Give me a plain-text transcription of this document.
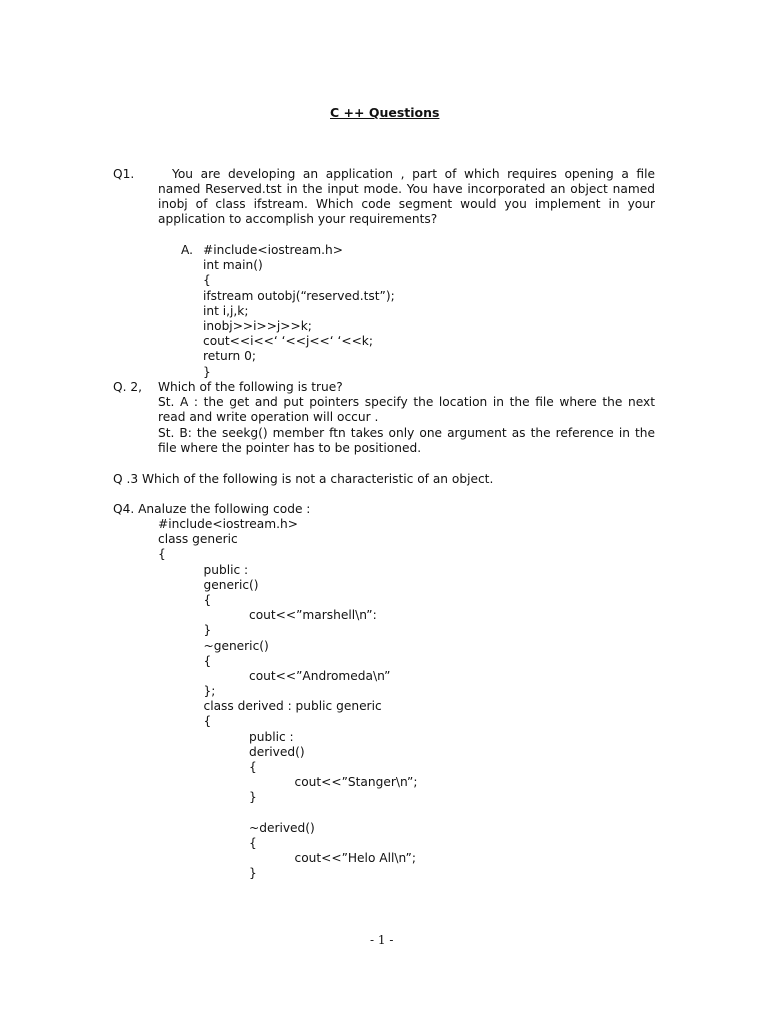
C ++ Questions
Q1.	You are developing an application , part of which requires opening a file named Reserved.tst in the input mode. You have incorporated an object named inobj of class ifstream. Which code segment would you implement in your application to accomplish your requirements?
A. #include<iostream.h>
int main()
{
ifstream outobj(“reserved.tst”);
int i,j,k;
inobj>>i>>j>>k;
cout<<i<<‘ ‘<<j<<‘ ‘<<k;
return 0;
}
Q. 2, Which of the following is true?
St. A : the get and put pointers specify the location in the file where the next read and write operation will occur .
St. B: the seekg() member ftn takes only one argument as the reference in the file where the pointer has to be positioned.
Q .3 Which of the following is not a characteristic of an object.
Q4. Analuze the following code :
#include<iostream.h>
class generic
{
public :
generic()
{
cout<<”marshell\n”:
}
~generic()
{
cout<<”Andromeda\n”
};
class derived : public generic
{
public :
derived()
{
cout<<”Stanger\n”;
}
~derived()
{
cout<<”Helo All\n”;
}
- 1 -
